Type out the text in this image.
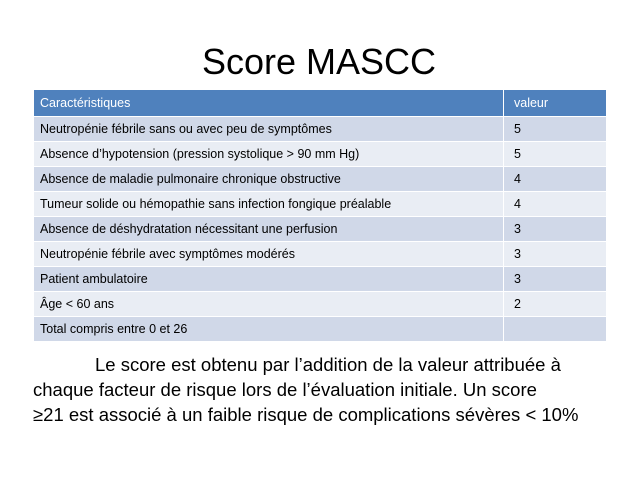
Score MASCC
Caractéristiques	valeur
Neutropénie fébrile sans ou avec peu de symptômes	5
Absence d’hypotension (pression systolique > 90 mm Hg)	5
Absence de maladie pulmonaire chronique obstructive	4
Tumeur solide ou hémopathie sans infection fongique préalable	4
Absence de déshydratation nécessitant une perfusion	3
Neutropénie fébrile avec symptômes modérés	3
Patient ambulatoire	3
Âge < 60 ans	2
Total compris entre 0 et 26	
Le score est obtenu par l’addition de la valeur attribuée à
chaque facteur de risque lors de l’évaluation initiale. Un score
≥21 est associé à un faible risque de complications sévères < 10%
